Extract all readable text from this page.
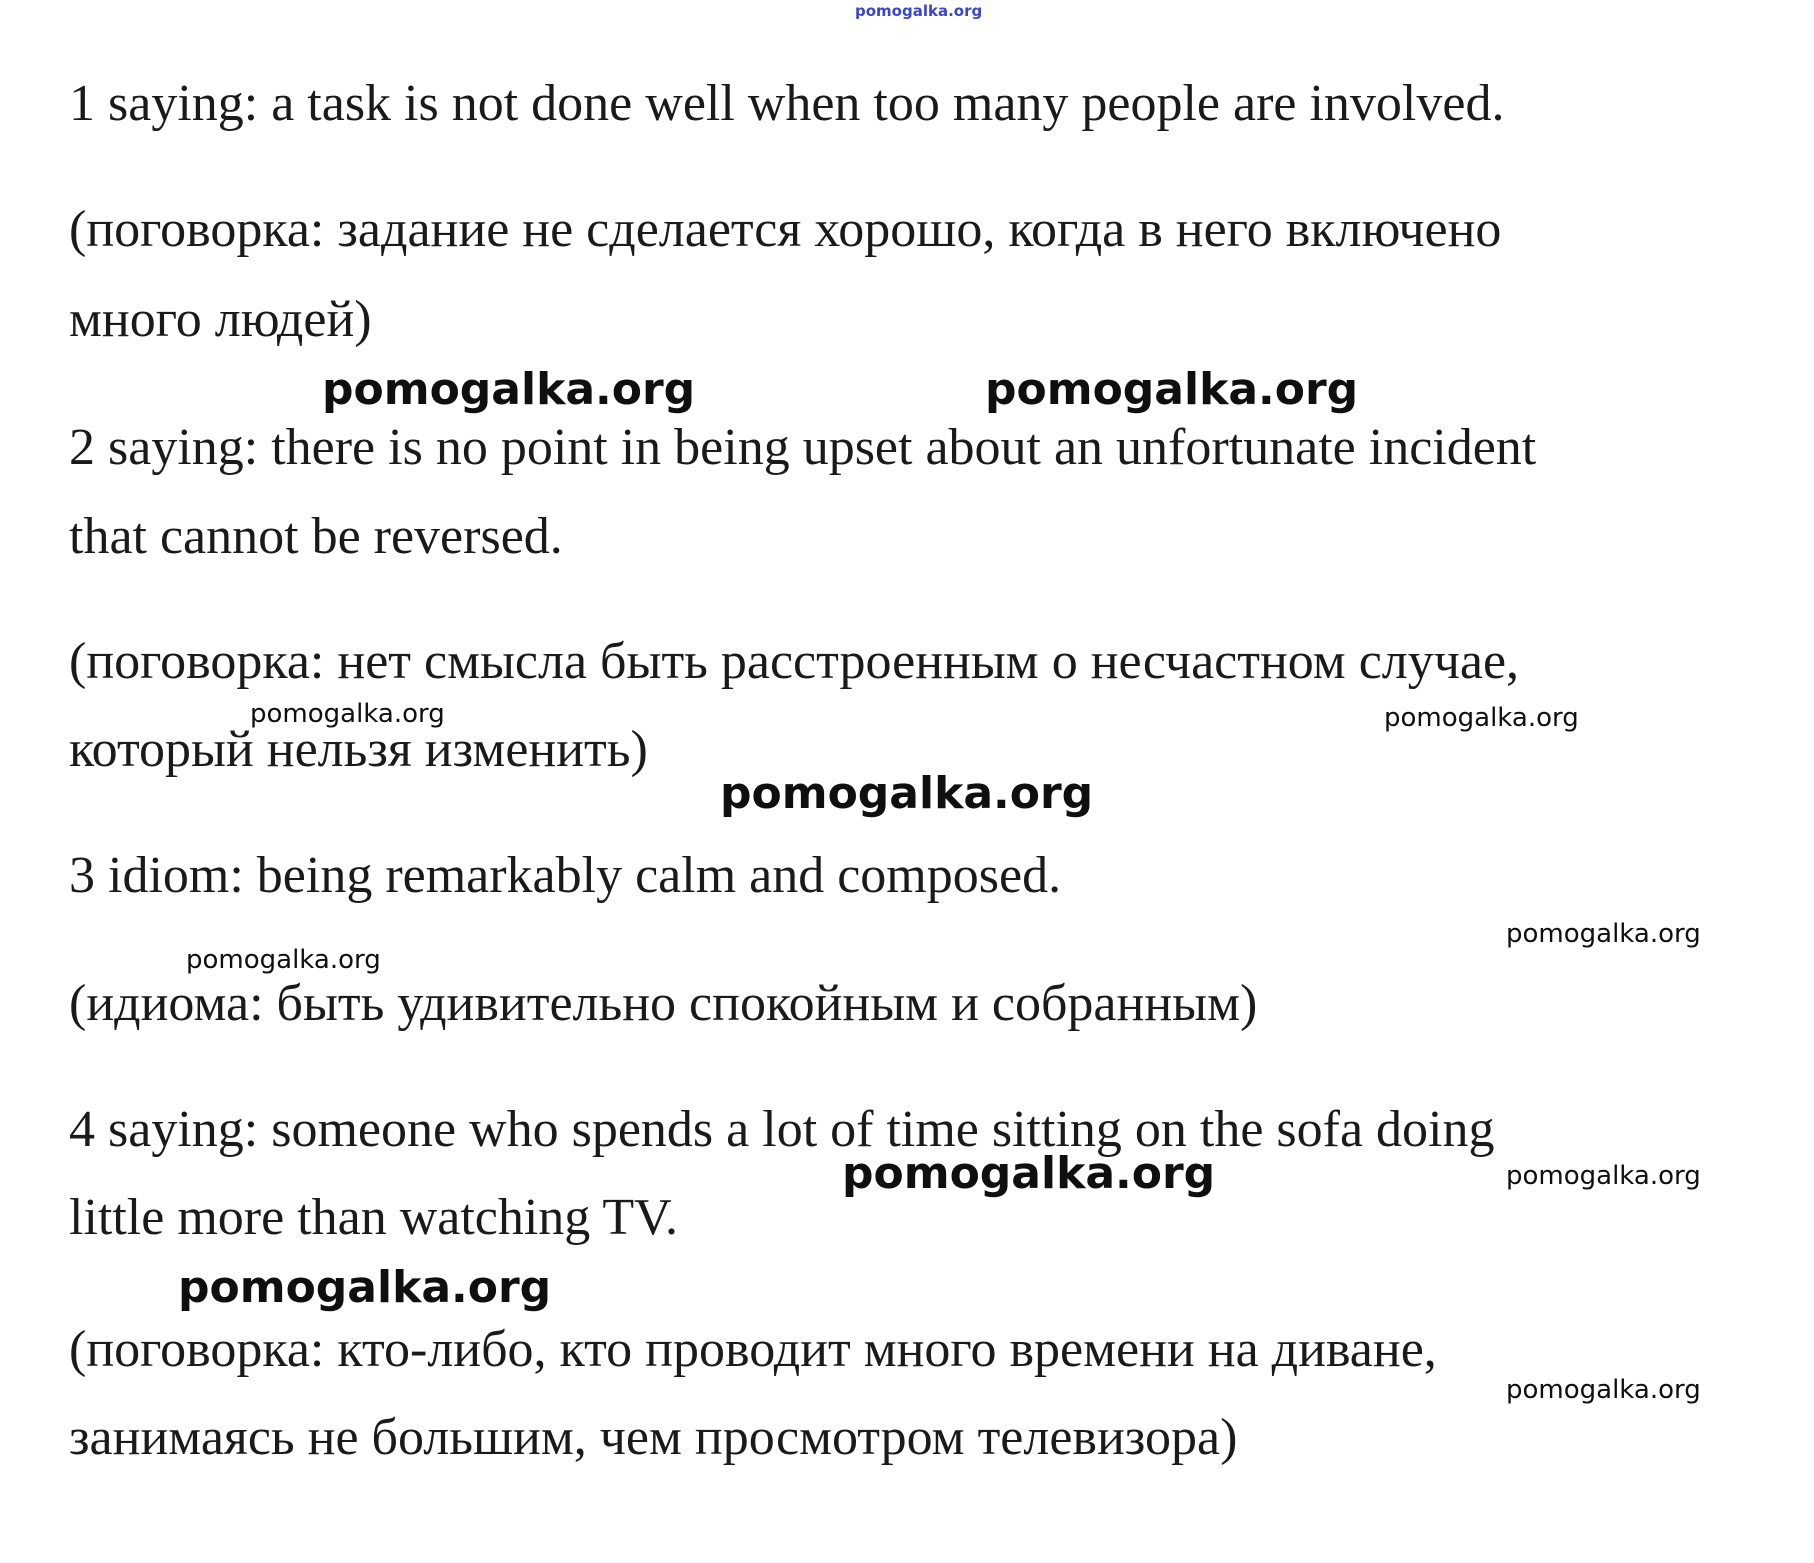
pomogalka.org
1 saying: a task is not done well when too many people are involved.
(поговорка: задание не сделается хорошо, когда в него включено
много людей)
pomogalka.org	pomogalka.org
2 saying: there is no point in being upset about an unfortunate incident
that cannot be reversed.
(поговорка: нет смысла быть расстроенным о несчастном случае,
который нельзя изменить)
pomogalka.org	pomogalka.org
pomogalka.org
3 idiom: being remarkably calm and composed.
pomogalka.org
pomogalka.org
(идиома: быть удивительно спокойным и собранным)
4 saying: someone who spends a lot of time sitting on the sofa doing
pomogalka.org	pomogalka.org
little more than watching TV.
pomogalka.org
(поговорка: кто-либо, кто проводит много времени на диване,
pomogalka.org
занимаясь не большим, чем просмотром телевизора)
